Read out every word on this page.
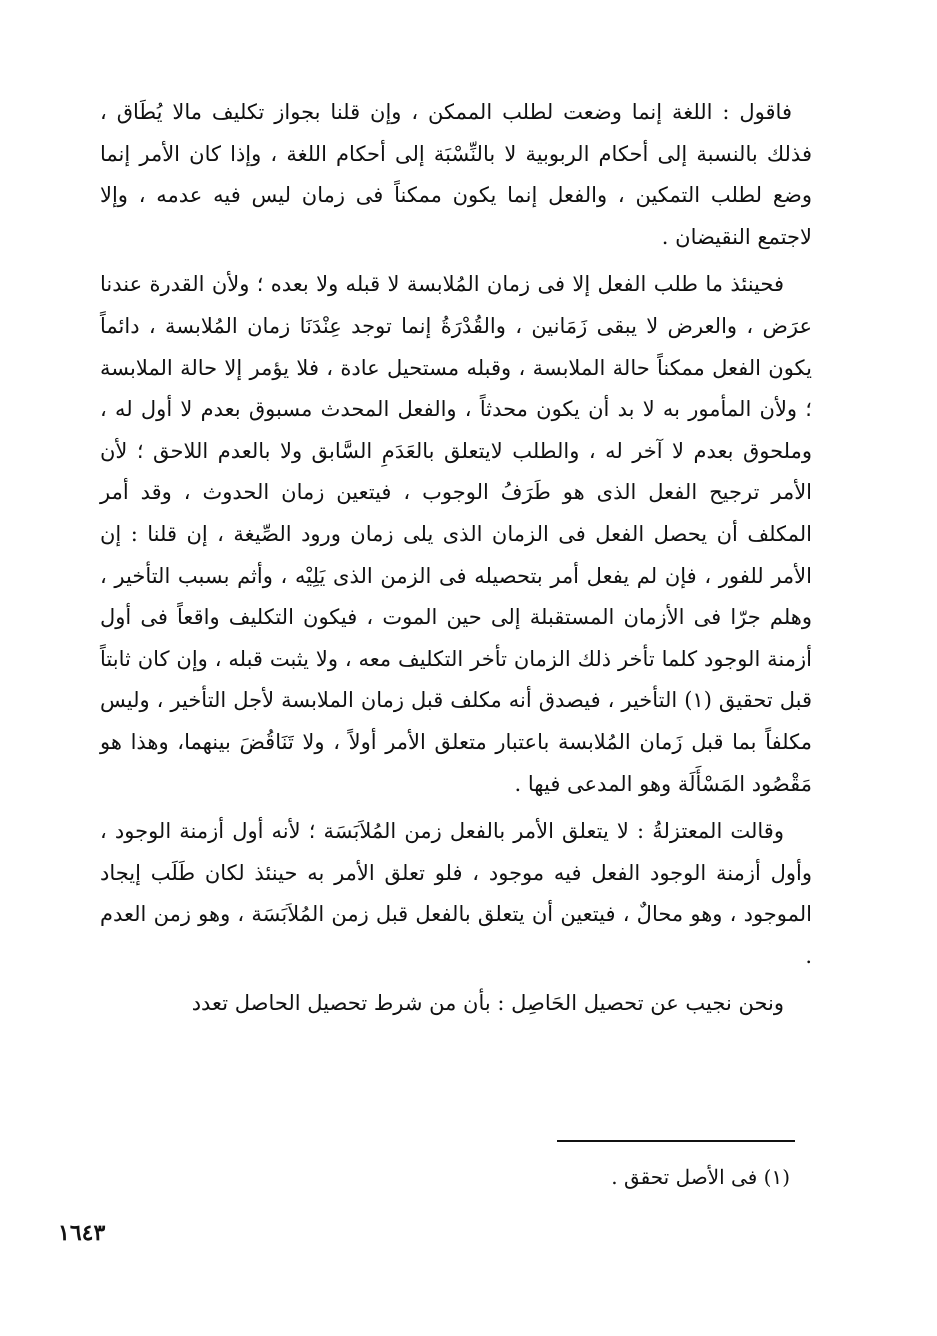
فاقول : اللغة إنما وضعت لطلب الممكن ، وإن قلنا بجواز تكليف مالا يُطَاق ، فذلك بالنسبة إلى أحكام الربوبية لا بالنِّسْبَة إلى أحكام اللغة ، وإذا كان الأمر إنما وضع لطلب التمكين ، والفعل إنما يكون ممكناً فى زمان ليس فيه عدمه ، وإلا لاجتمع النقيضان .

فحينئذ ما طلب الفعل إلا فى زمان المُلابسة لا قبله ولا بعده ؛ ولأن القدرة عندنا عرَض ، والعرض لا يبقى زَمَانين ، والقُدْرَةُ إنما توجد عِنْدَنَا زمان المُلابسة ، دائماً يكون الفعل ممكناً حالة الملابسة ، وقبله مستحيل عادة ، فلا يؤمر إلا حالة الملابسة ؛ ولأن المأمور به لا بد أن يكون محدثاً ، والفعل المحدث مسبوق بعدم لا أول له ، وملحوق بعدم لا آخر له ، والطلب لايتعلق بالعَدَمِ السَّابق ولا بالعدم اللاحق ؛ لأن الأمر ترجيح الفعل الذى هو طَرَفُ الوجوب ، فيتعين زمان الحدوث ، وقد أمر المكلف أن يحصل الفعل فى الزمان الذى يلى زمان ورود الصِّيغة ، إن قلنا : إن الأمر للفور ، فإن لم يفعل أمر بتحصيله فى الزمن الذى يَلِيْه ، وأثم بسبب التأخير ، وهلم جرّا فى الأزمان المستقبلة إلى حين الموت ، فيكون التكليف واقعاً فى أول أزمنة الوجود كلما تأخر ذلك الزمان تأخر التكليف معه ، ولا يثبت قبله ، وإن كان ثابتاً قبل تحقيق (١) التأخير ، فيصدق أنه مكلف قبل زمان الملابسة لأجل التأخير ، وليس مكلفاً بما قبل زَمان المُلابسة باعتبار متعلق الأمر أولاً ، ولا تَنَاقُضَ بينهما، وهذا هو مَقْصُود المَسْأَلَة وهو المدعى فيها .

وقالت المعتزلةُ : لا يتعلق الأمر بالفعل زمن المُلاَبَسَة ؛ لأنه أول أزمنة الوجود ، وأول أزمنة الوجود الفعل فيه موجود ، فلو تعلق الأمر به حينئذ لكان طَلَب إيجاد الموجود ، وهو محالٌ ، فيتعين أن يتعلق بالفعل قبل زمن المُلاَبَسَة ، وهو زمن العدم .

ونحن نجيب عن تحصيل الحَاصِل : بأن من شرط تحصيل الحاصل تعدد

(١) فى الأصل تحقق .
١٦٤٣
